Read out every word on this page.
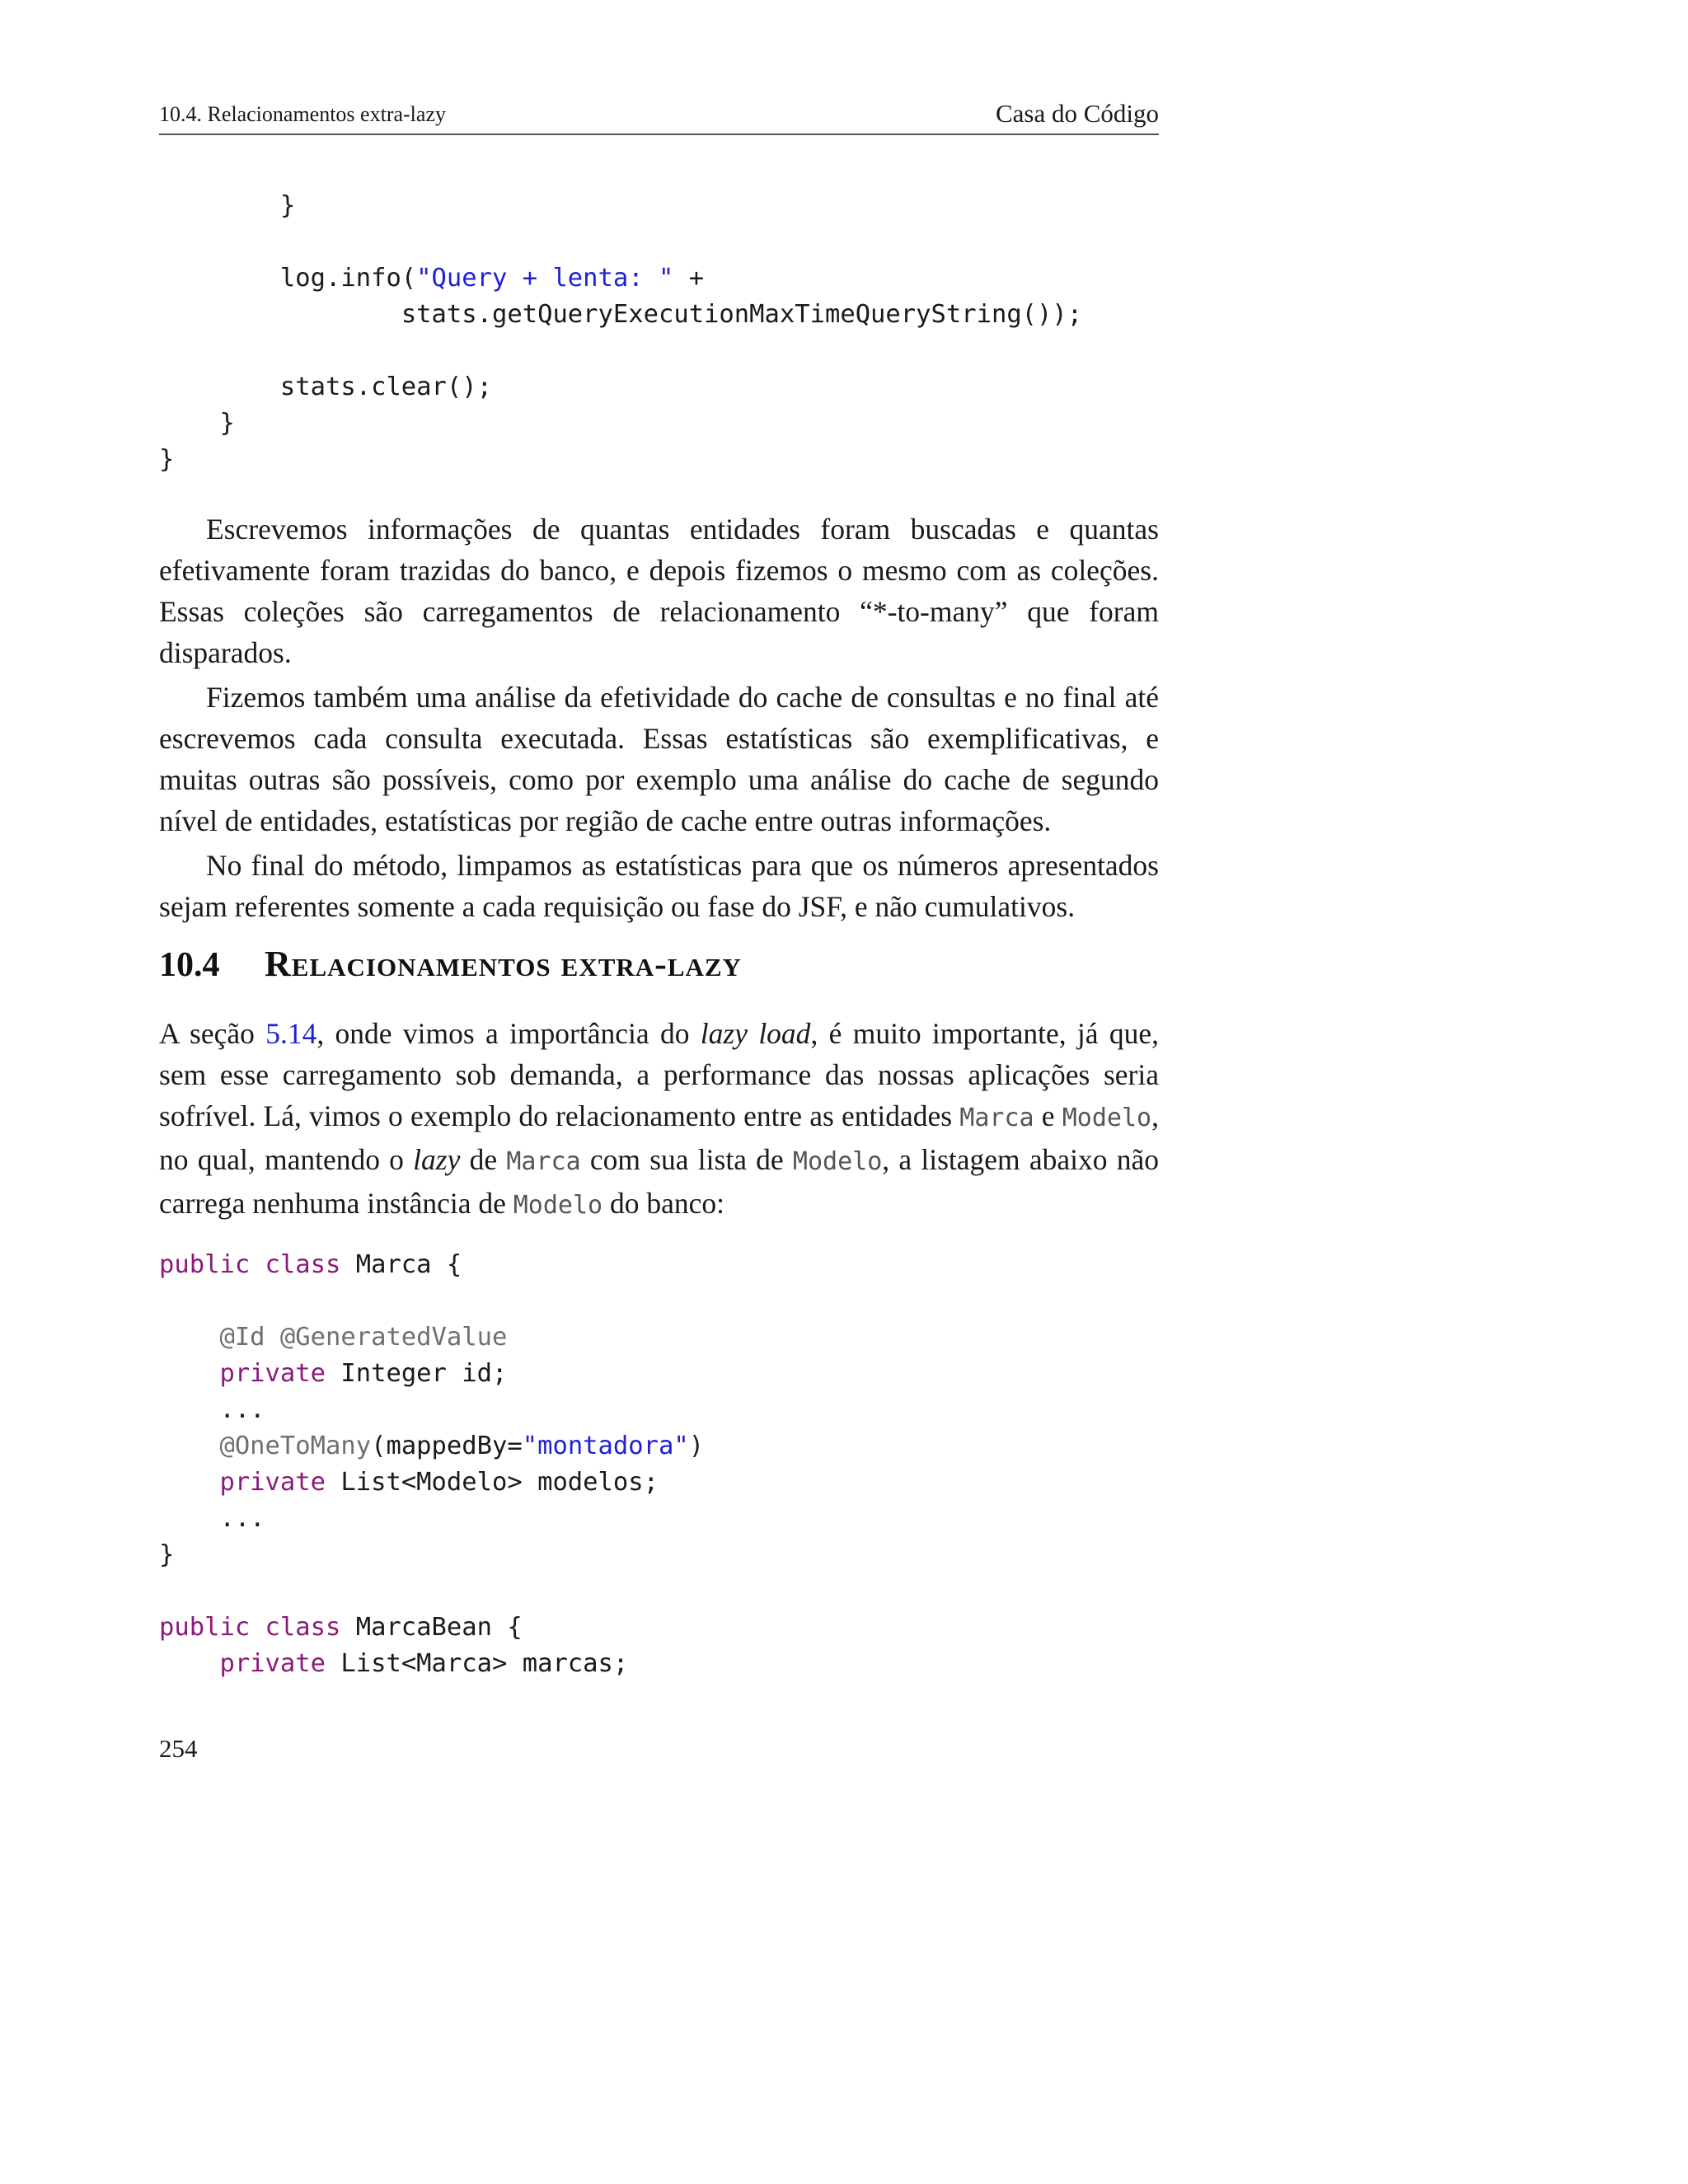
10.4. Relacionamentos extra-lazy	Casa do Código
}

log.info("Query + lenta: " +
stats.getQueryExecutionMaxTimeQueryString());

stats.clear();
}
}

Escrevemos informações de quantas entidades foram buscadas e quantas efetivamente foram trazidas do banco, e depois fizemos o mesmo com as coleções. Essas coleções são carregamentos de relacionamento “*-to-many” que foram disparados.

Fizemos também uma análise da efetividade do cache de consultas e no final até escrevemos cada consulta executada. Essas estatísticas são exemplificativas, e muitas outras são possíveis, como por exemplo uma análise do cache de segundo nível de entidades, estatísticas por região de cache entre outras informações.

No final do método, limpamos as estatísticas para que os números apresentados sejam referentes somente a cada requisição ou fase do JSF, e não cumulativos.

10.4 Relacionamentos extra-lazy

A seção 5.14, onde vimos a importância do lazy load, é muito importante, já que, sem esse carregamento sob demanda, a performance das nossas aplicações seria sofrível. Lá, vimos o exemplo do relacionamento entre as entidades Marca e Modelo, no qual, mantendo o lazy de Marca com sua lista de Modelo, a listagem abaixo não carrega nenhuma instância de Modelo do banco:

public class Marca {

@Id @GeneratedValue
private Integer id;
...
@OneToMany(mappedBy="montadora")
private List<Modelo> modelos;
...
}

public class MarcaBean {
private List<Marca> marcas;
254
